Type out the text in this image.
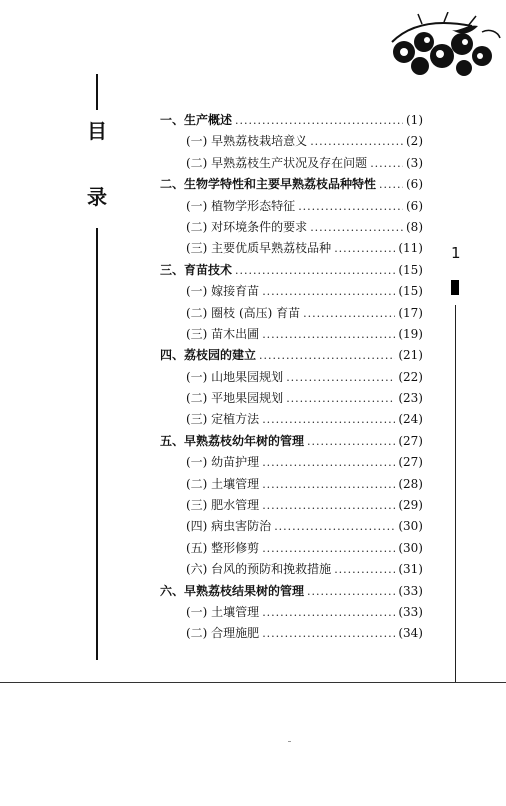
目
录
1
一、生产概述 .....	(1)
(一) 早熟荔枝栽培意义 .....	(2)
(二) 早熟荔枝生产状况及存在问题 .....	(3)
二、生物学特性和主要早熟荔枝品种特性 ..... (6)
(一) 植物学形态特征 .....	(6)
(二) 对环境条件的要求 .....	(8)
(三) 主要优质早熟荔枝品种 .....	(11)
三、育苗技术 .....	(15)
(一) 嫁接育苗 .....	(15)
(二) 圈枝 (高压) 育苗 .....	(17)
(三) 苗木出圃 .....	(19)
四、荔枝园的建立 .....	(21)
(一) 山地果园规划 .....	(22)
(二) 平地果园规划 .....	(23)
(三) 定植方法 .....	(24)
五、早熟荔枝幼年树的管理 .....	(27)
(一) 幼苗护理 .....	(27)
(二) 土壤管理 .....	(28)
(三) 肥水管理 .....	(29)
(四) 病虫害防治 .....	(30)
(五) 整形修剪 .....	(30)
(六) 台风的预防和挽救措施 .....	(31)
六、早熟荔枝结果树的管理 .....	(33)
(一) 土壤管理 .....	(33)
(二) 合理施肥 .....	(34)
